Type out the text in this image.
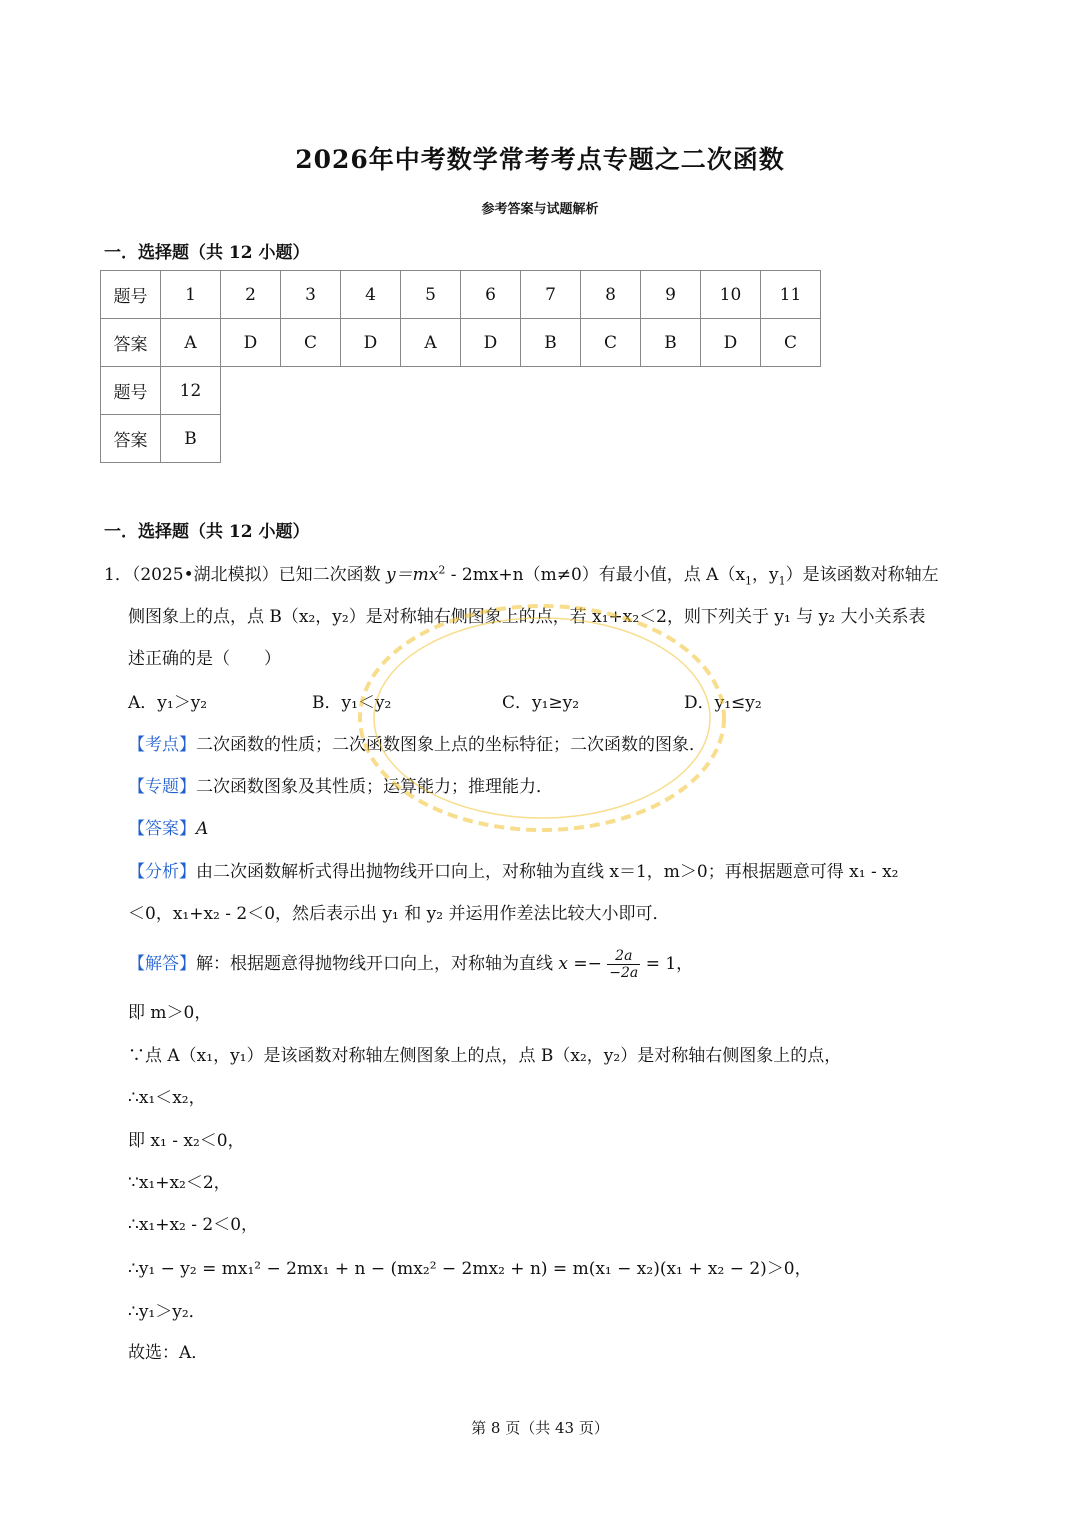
2026年中考数学常考考点专题之二次函数
参考答案与试题解析
一．选择题（共 12 小题）
题号	1	2	3	4	5	6	7	8	9	10	11
答案	A	D	C	D	A	D	B	C	B	D	C
题号	12
答案	B
一．选择题（共 12 小题）
1．（2025•湖北模拟）已知二次函数 $y=mx^2 - 2mx+n(m\ne 0)$有最小值，点 $A(x_1$，$y_1$）是该函数对称轴左
侧图象上的点，点 B（x₂，y₂）是对称轴右侧图象上的点，若 x₁+x₂＜2，则下列关于 y₁ 与 y₂ 大小关系表
述正确的是（　　）
A．y₁＞y₂	B．y₁＜y₂	C．y₁≥y₂	D．y₁≤y₂
【考点】二次函数的性质；二次函数图象上点的坐标特征；二次函数的图象．
【专题】二次函数图象及其性质；运算能力；推理能力．
【答案】A
【分析】由二次函数解析式得出抛物线开口向上，对称轴为直线 x＝1，m＞0；再根据题意可得 x₁ - x₂
＜0，x₁+x₂ - 2＜0，然后表示出 y₁ 和 y₂ 并运用作差法比较大小即可．
【解答】解：根据题意得抛物线开口向上，对称轴为直线 $x =- \frac{2a}{-2a} = 1$，
即 m＞0，
∵点 A（x₁，y₁）是该函数对称轴左侧图象上的点，点 B（x₂，y₂）是对称轴右侧图象上的点，
∴x₁＜x₂，
即 x₁ - x₂＜0，
∵x₁+x₂＜2，
∴x₁+x₂ - 2＜0，
∴y₁ − y₂ = mx₁² − 2mx₁ + n − (mx₂² − 2mx₂ + n) = m(x₁ − x₂)(x₁ + x₂ − 2)＞0，
∴y₁＞y₂．
故选：A．
第 8 页（共 43 页）
